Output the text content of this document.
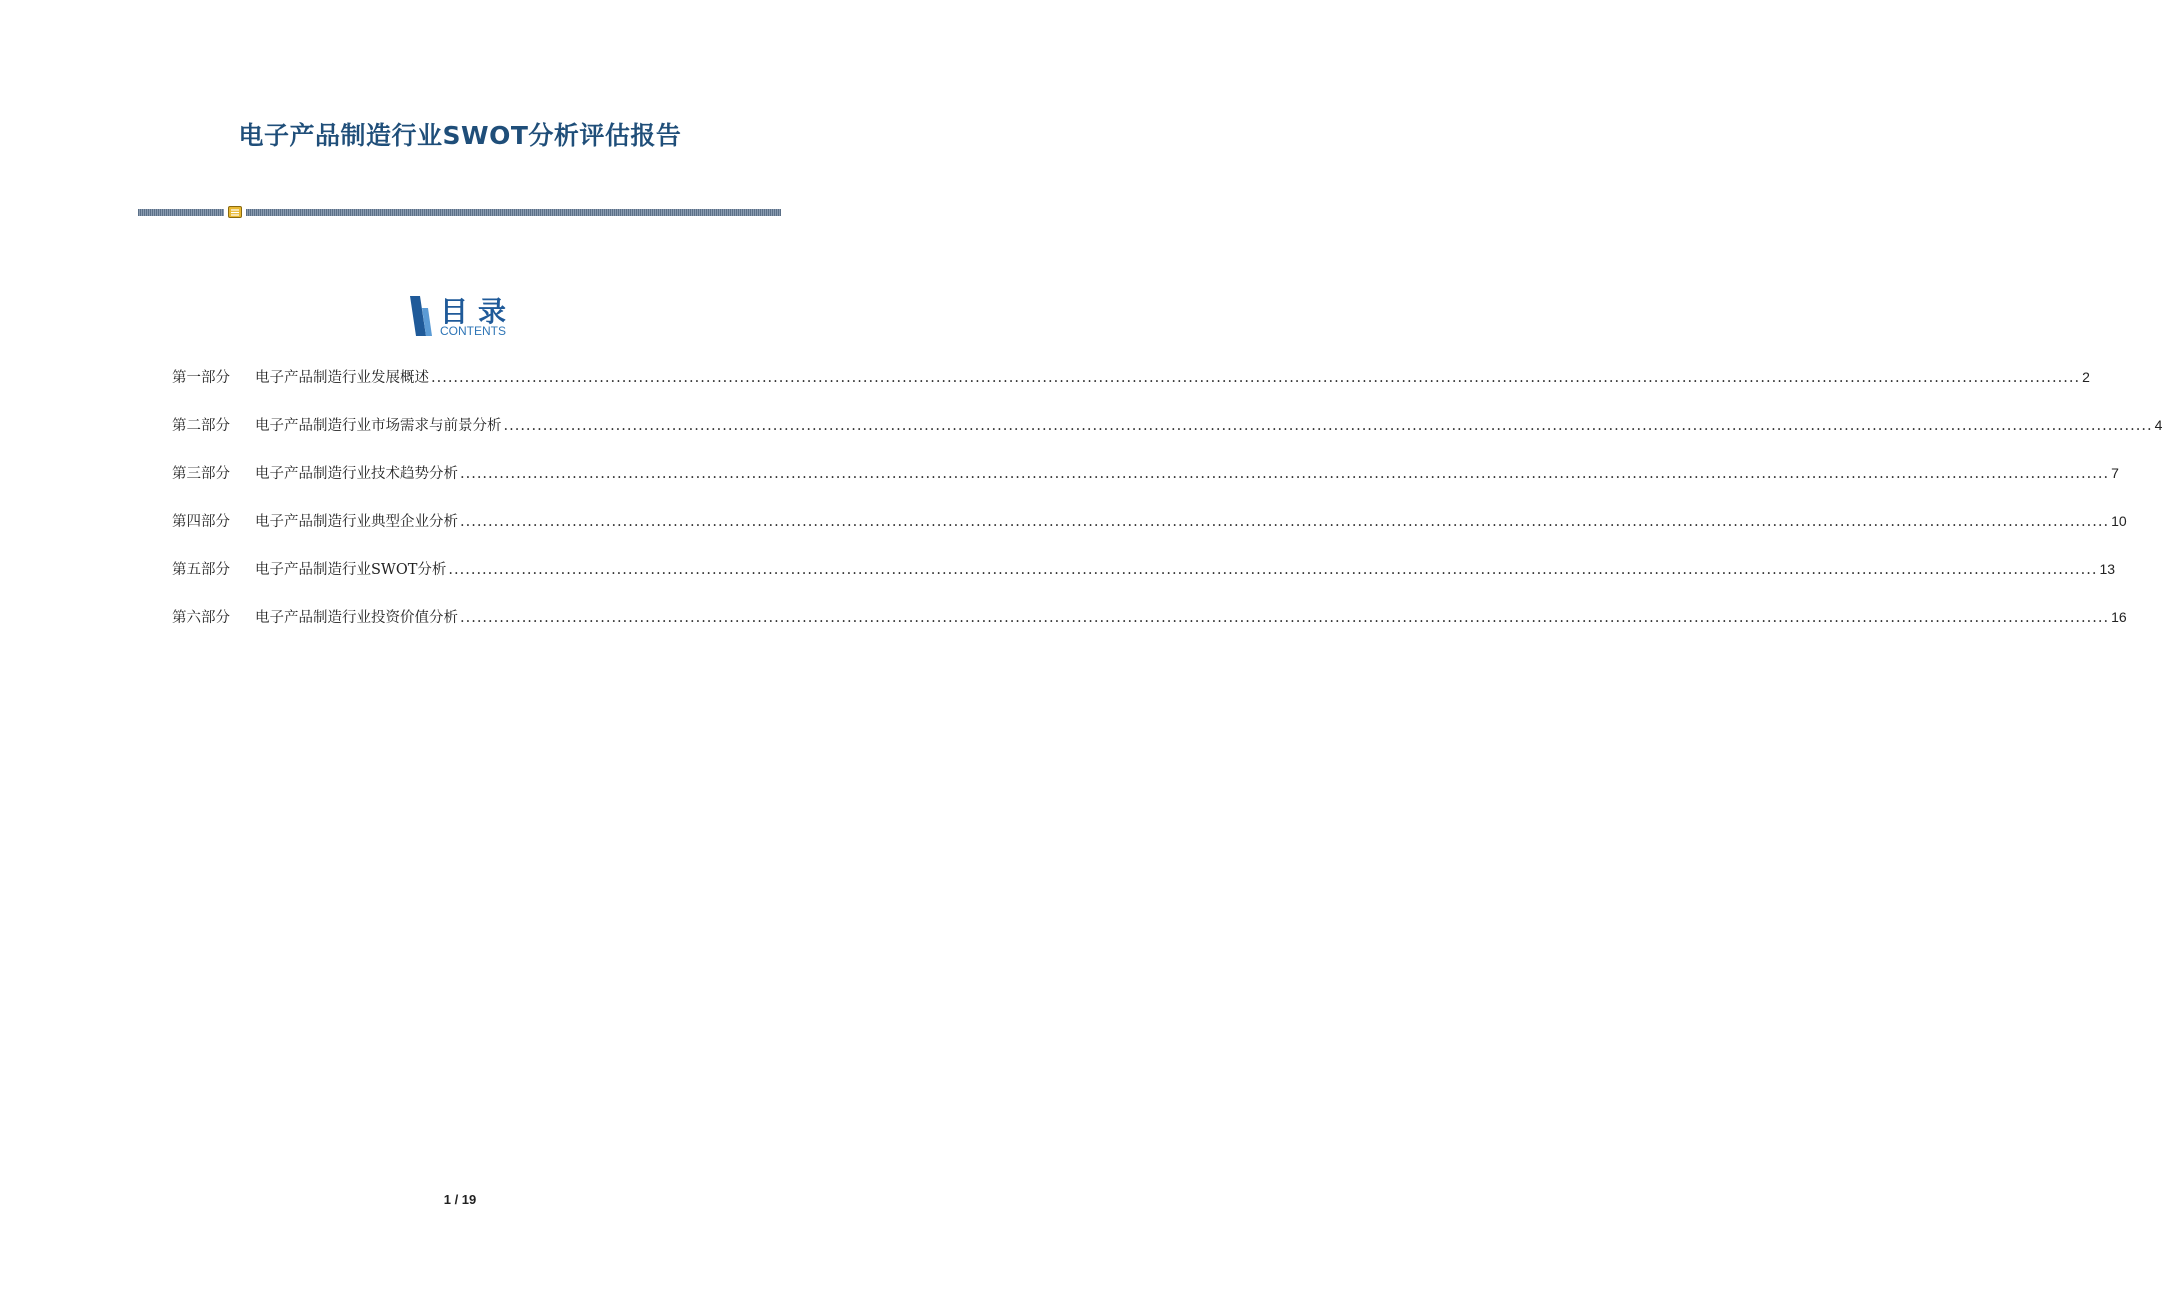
电子产品制造行业SWOT分析评估报告
目录
CONTENTS
第一部分	电子产品制造行业发展概述 ...................................................................................................................................................................................................................................................................................................... 2
第二部分	电子产品制造行业市场需求与前景分析 ...................................................................................................................................................................................................................................................................................................... 4
第三部分	电子产品制造行业技术趋势分析 ...................................................................................................................................................................................................................................................................................................... 7
第四部分	电子产品制造行业典型企业分析 ...................................................................................................................................................................................................................................................................................................... 10
第五部分	电子产品制造行业SWOT分析 ...................................................................................................................................................................................................................................................................................................... 13
第六部分	电子产品制造行业投资价值分析 ...................................................................................................................................................................................................................................................................................................... 16
1 / 19
